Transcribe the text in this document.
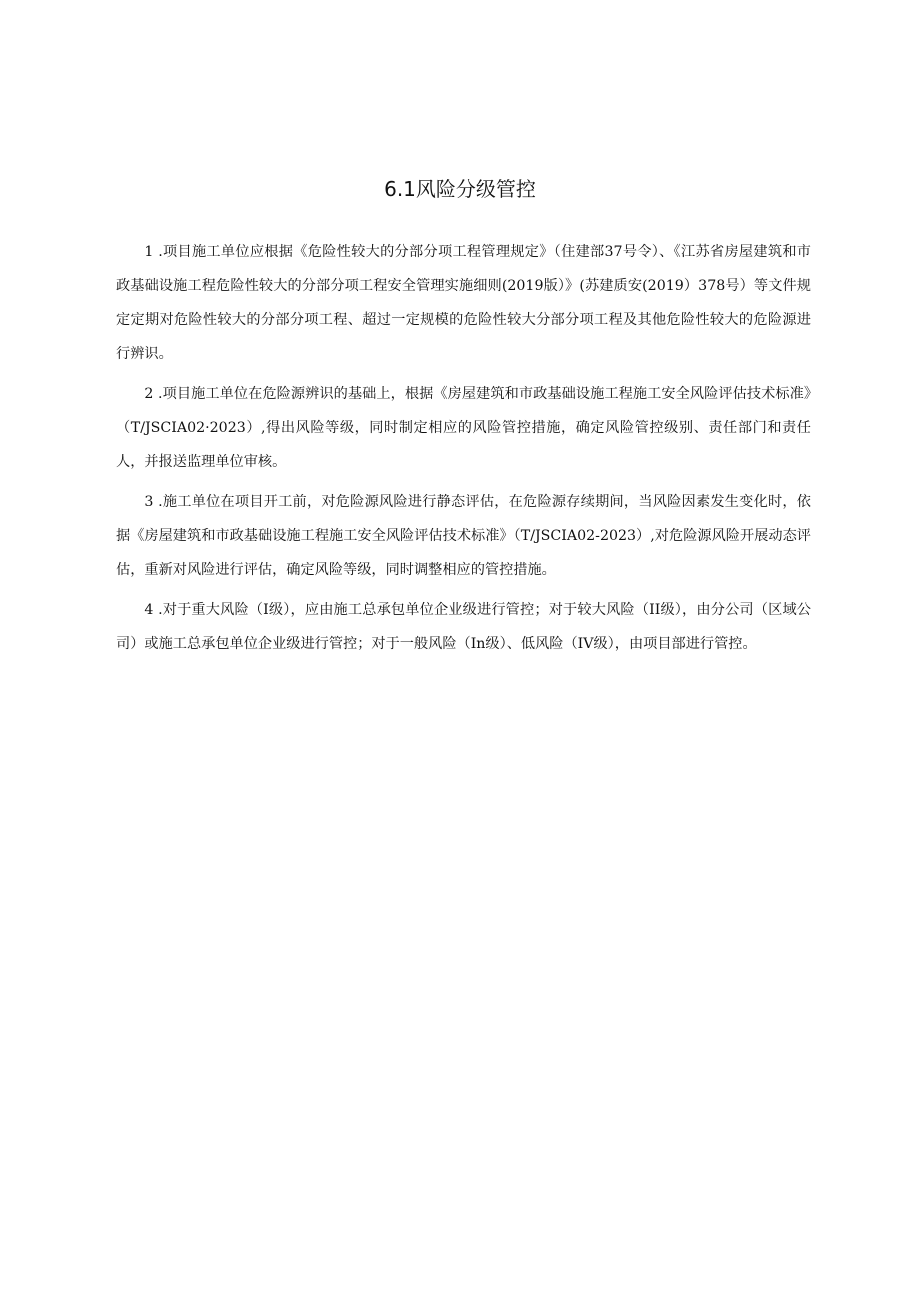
6.1风险分级管控

1 .项目施工单位应根据《危险性较大的分部分项工程管理规定》（住建部37号令）、《江苏省房屋建筑和市政基础设施工程危险性较大的分部分项工程安全管理实施细则(2019版）》(苏建质安(2019）378号）等文件规定定期对危险性较大的分部分项工程、超过一定规模的危险性较大分部分项工程及其他危险性较大的危险源进行辨识。

2 .项目施工单位在危险源辨识的基础上，根据《房屋建筑和市政基础设施工程施工安全风险评估技术标准》（T/JSCIA02·2023）,得出风险等级，同时制定相应的风险管控措施，确定风险管控级别、责任部门和责任人，并报送监理单位审核。

3 .施工单位在项目开工前，对危险源风险进行静态评估，在危险源存续期间，当风险因素发生变化时，依据《房屋建筑和市政基础设施工程施工安全风险评估技术标准》（T/JSCIA02-2023）,对危险源风险开展动态评估，重新对风险进行评估，确定风险等级，同时调整相应的管控措施。

4 .对于重大风险（I级），应由施工总承包单位企业级进行管控；对于较大风险（II级），由分公司（区域公司）或施工总承包单位企业级进行管控；对于一般风险（In级）、低风险（IV级），由项目部进行管控。
